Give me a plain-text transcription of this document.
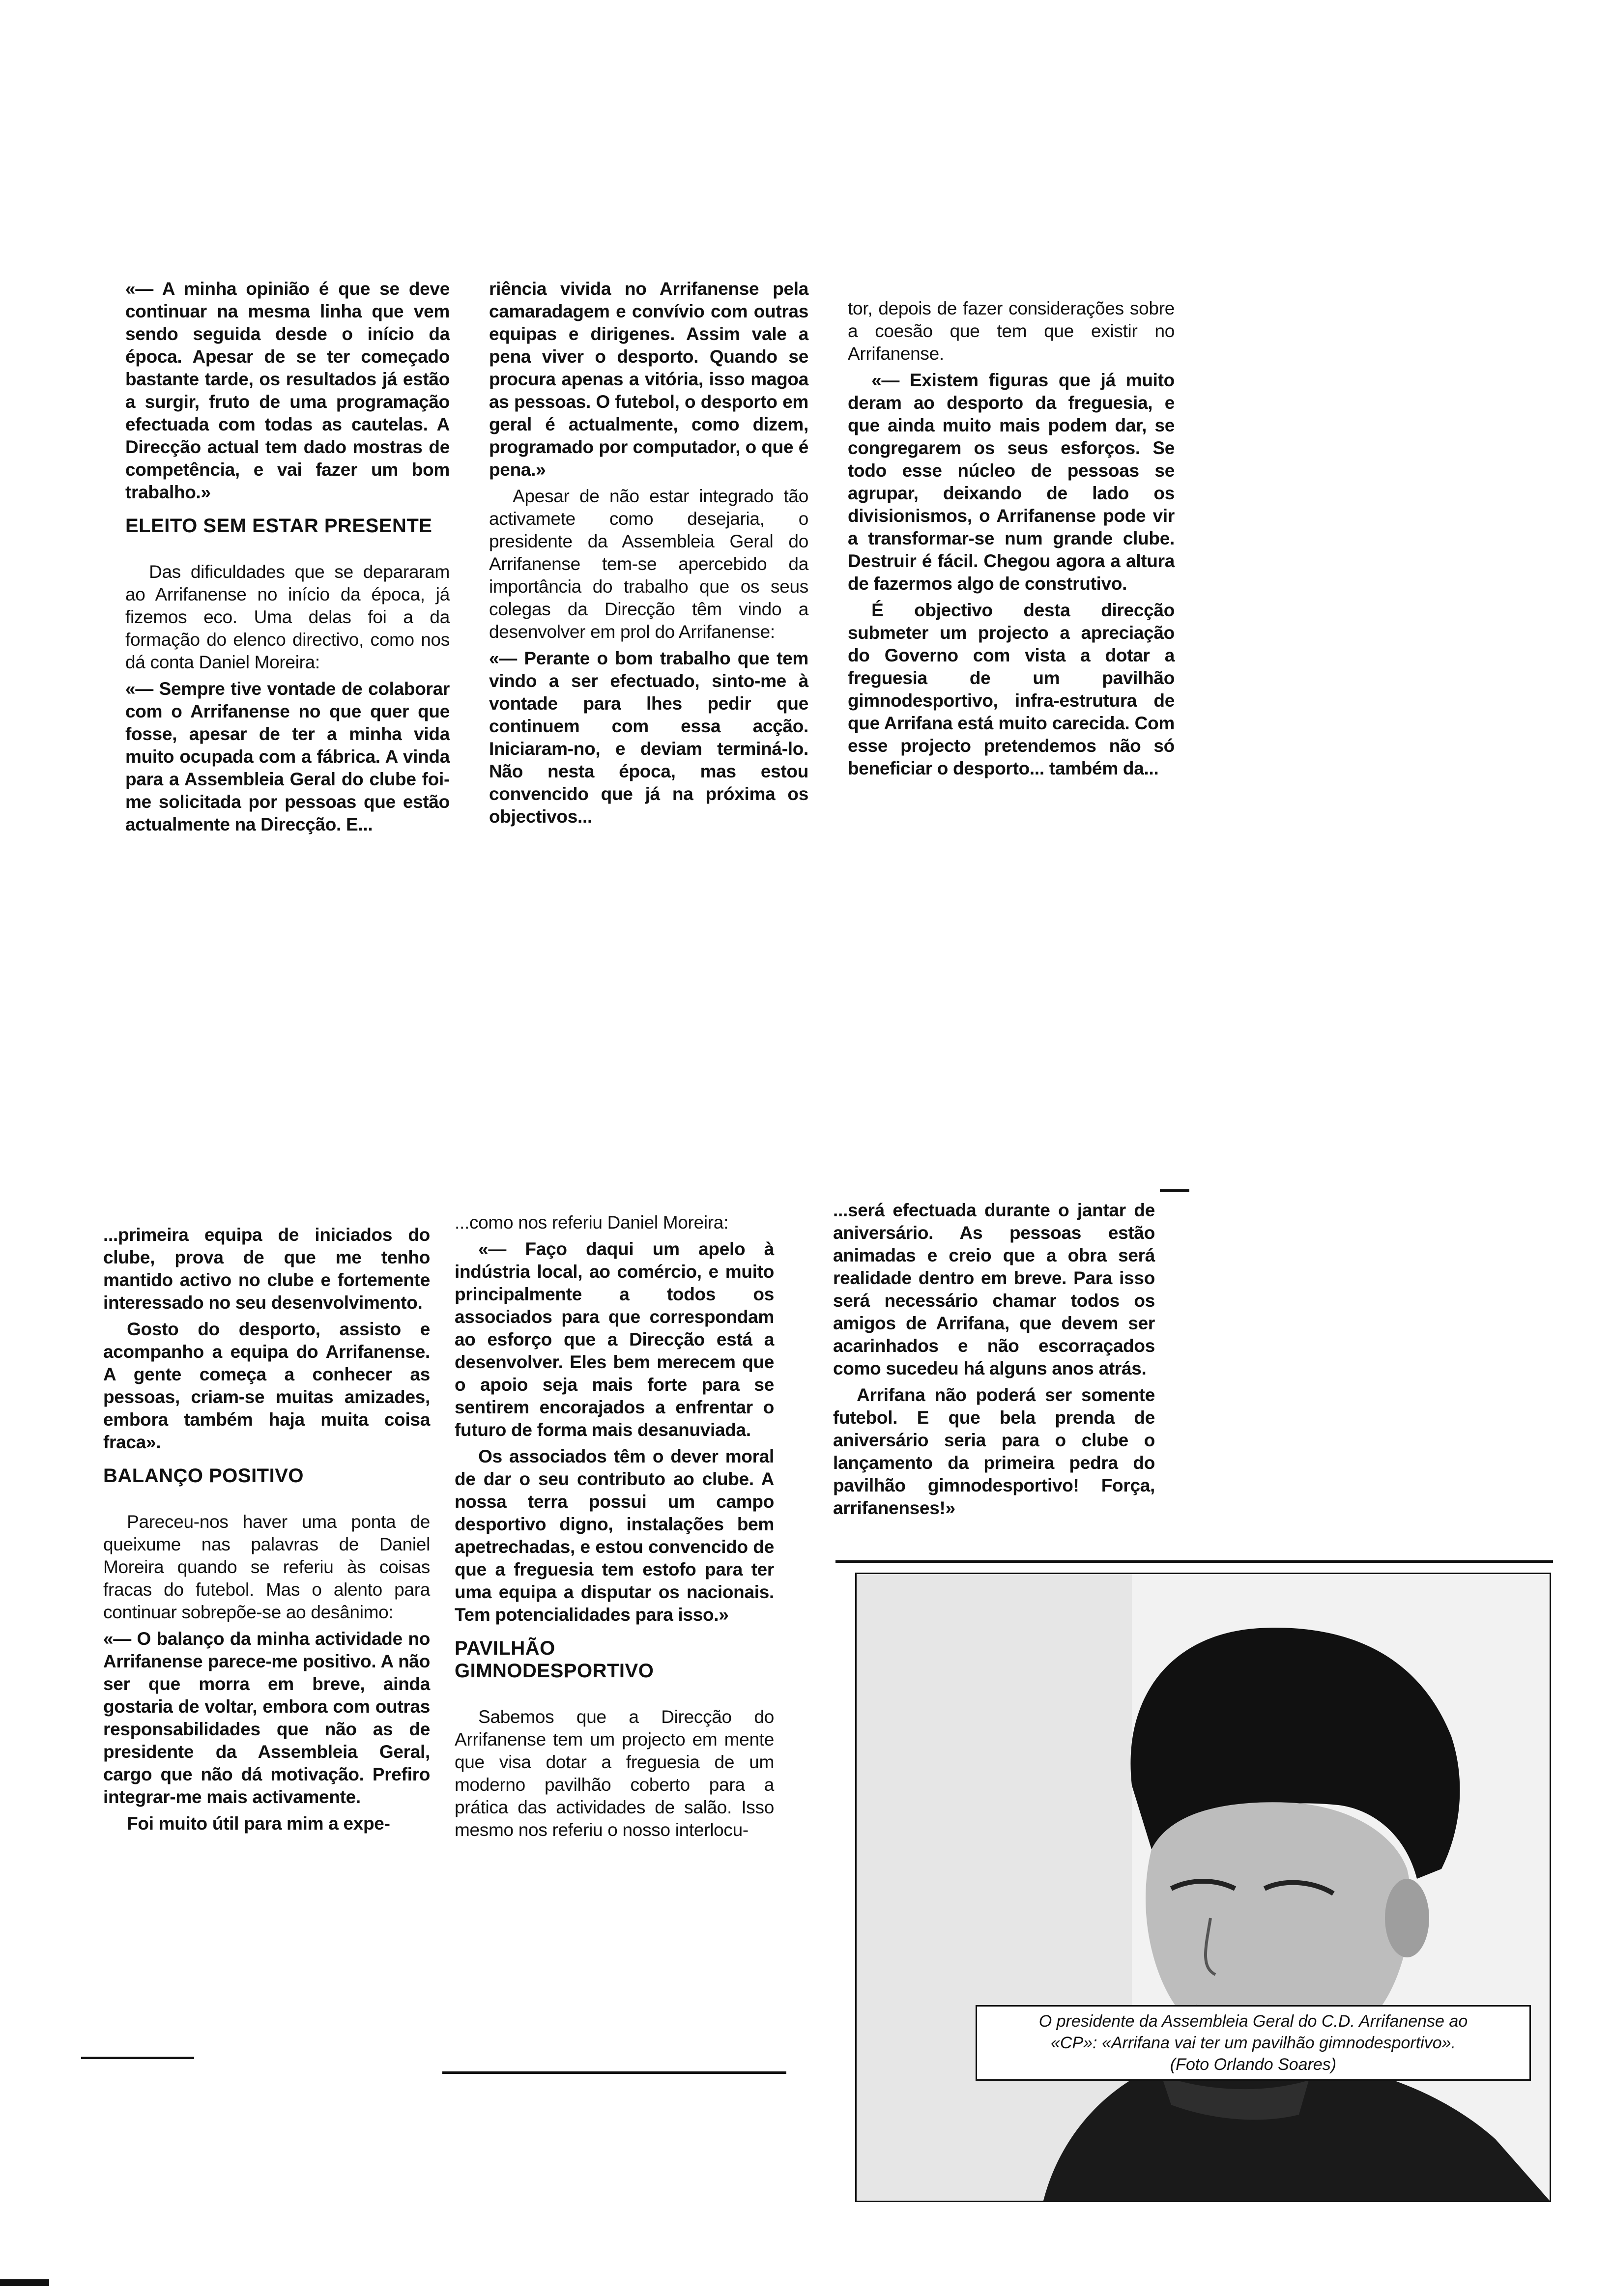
«— A minha opinião é que se deve continuar na mesma linha que vem sendo seguida desde o início da época. Apesar de se ter começado bastante tarde, os resultados já estão a surgir, fruto de uma programação efectuada com todas as cautelas. A Direcção actual tem dado mostras de competência, e vai fazer um bom trabalho.»

ELEITO SEM ESTAR PRESENTE

Das dificuldades que se depararam ao Arrifanense no início da época, já fizemos eco. Uma delas foi a da formação do elenco directivo, como nos dá conta Daniel Moreira:

«— Sempre tive vontade de colaborar com o Arrifanense no que quer que fosse, apesar de ter a minha vida muito ocupada com a fábrica. A vinda para a Assembleia Geral do clube foi-me solicitada por pessoas que estão actualmente na Direcção. E...

riência vivida no Arrifanense pela camaradagem e convívio com outras equipas e dirigenes. Assim vale a pena viver o desporto. Quando se procura apenas a vitória, isso magoa as pessoas. O futebol, o desporto em geral é actualmente, como dizem, programado por computador, o que é pena.»

Apesar de não estar integrado tão activamete como desejaria, o presidente da Assembleia Geral do Arrifanense tem-se apercebido da importância do trabalho que os seus colegas da Direcção têm vindo a desenvolver em prol do Arrifanense:

«— Perante o bom trabalho que tem vindo a ser efectuado, sinto-me à vontade para lhes pedir que continuem com essa acção. Iniciaram-no, e deviam terminá-lo. Não nesta época, mas estou convencido que já na próxima os objectivos...

tor, depois de fazer considerações sobre a coesão que tem que existir no Arrifanense.

«— Existem figuras que já muito deram ao desporto da freguesia, e que ainda muito mais podem dar, se congregarem os seus esforços. Se todo esse núcleo de pessoas se agrupar, deixando de lado os divisionismos, o Arrifanense pode vir a transformar-se num grande clube. Destruir é fácil. Chegou agora a altura de fazermos algo de construtivo.

É objectivo desta direcção submeter um projecto a apreciação do Governo com vista a dotar a freguesia de um pavilhão gimnodesportivo, infra-estrutura de que Arrifana está muito carecida. Com esse projecto pretendemos não só beneficiar o desporto... também da...

...primeira equipa de iniciados do clube, prova de que me tenho mantido activo no clube e fortemente interessado no seu desenvolvimento.

Gosto do desporto, assisto e acompanho a equipa do Arrifanense. A gente começa a conhecer as pessoas, criam-se muitas amizades, embora também haja muita coisa fraca».

BALANÇO POSITIVO

Pareceu-nos haver uma ponta de queixume nas palavras de Daniel Moreira quando se referiu às coisas fracas do futebol. Mas o alento para continuar sobrepõe-se ao desânimo:

«— O balanço da minha actividade no Arrifanense parece-me positivo. A não ser que morra em breve, ainda gostaria de voltar, embora com outras responsabilidades que não as de presidente da Assembleia Geral, cargo que não dá motivação. Prefiro integrar-me mais activamente.

Foi muito útil para mim a expe-

...como nos referiu Daniel Moreira:

«— Faço daqui um apelo à indústria local, ao comércio, e muito principalmente a todos os associados para que correspondam ao esforço que a Direcção está a desenvolver. Eles bem merecem que o apoio seja mais forte para se sentirem encorajados a enfrentar o futuro de forma mais desanuviada.

Os associados têm o dever moral de dar o seu contributo ao clube. A nossa terra possui um campo desportivo digno, instalações bem apetrechadas, e estou convencido de que a freguesia tem estofo para ter uma equipa a disputar os nacionais. Tem potencialidades para isso.»

PAVILHÃO
GIMNODESPORTIVO

Sabemos que a Direcção do Arrifanense tem um projecto em mente que visa dotar a freguesia de um moderno pavilhão coberto para a prática das actividades de salão. Isso mesmo nos referiu o nosso interlocu-

...será efectuada durante o jantar de aniversário. As pessoas estão animadas e creio que a obra será realidade dentro em breve. Para isso será necessário chamar todos os amigos de Arrifana, que devem ser acarinhados e não escorraçados como sucedeu há alguns anos atrás.

Arrifana não poderá ser somente futebol. E que bela prenda de aniversário seria para o clube o lançamento da primeira pedra do pavilhão gimnodesportivo! Força, arrifanenses!»

O presidente da Assembleia Geral do C.D. Arrifanense ao
«CP»: «Arrifana vai ter um pavilhão gimnodesportivo».
(Foto Orlando Soares)
